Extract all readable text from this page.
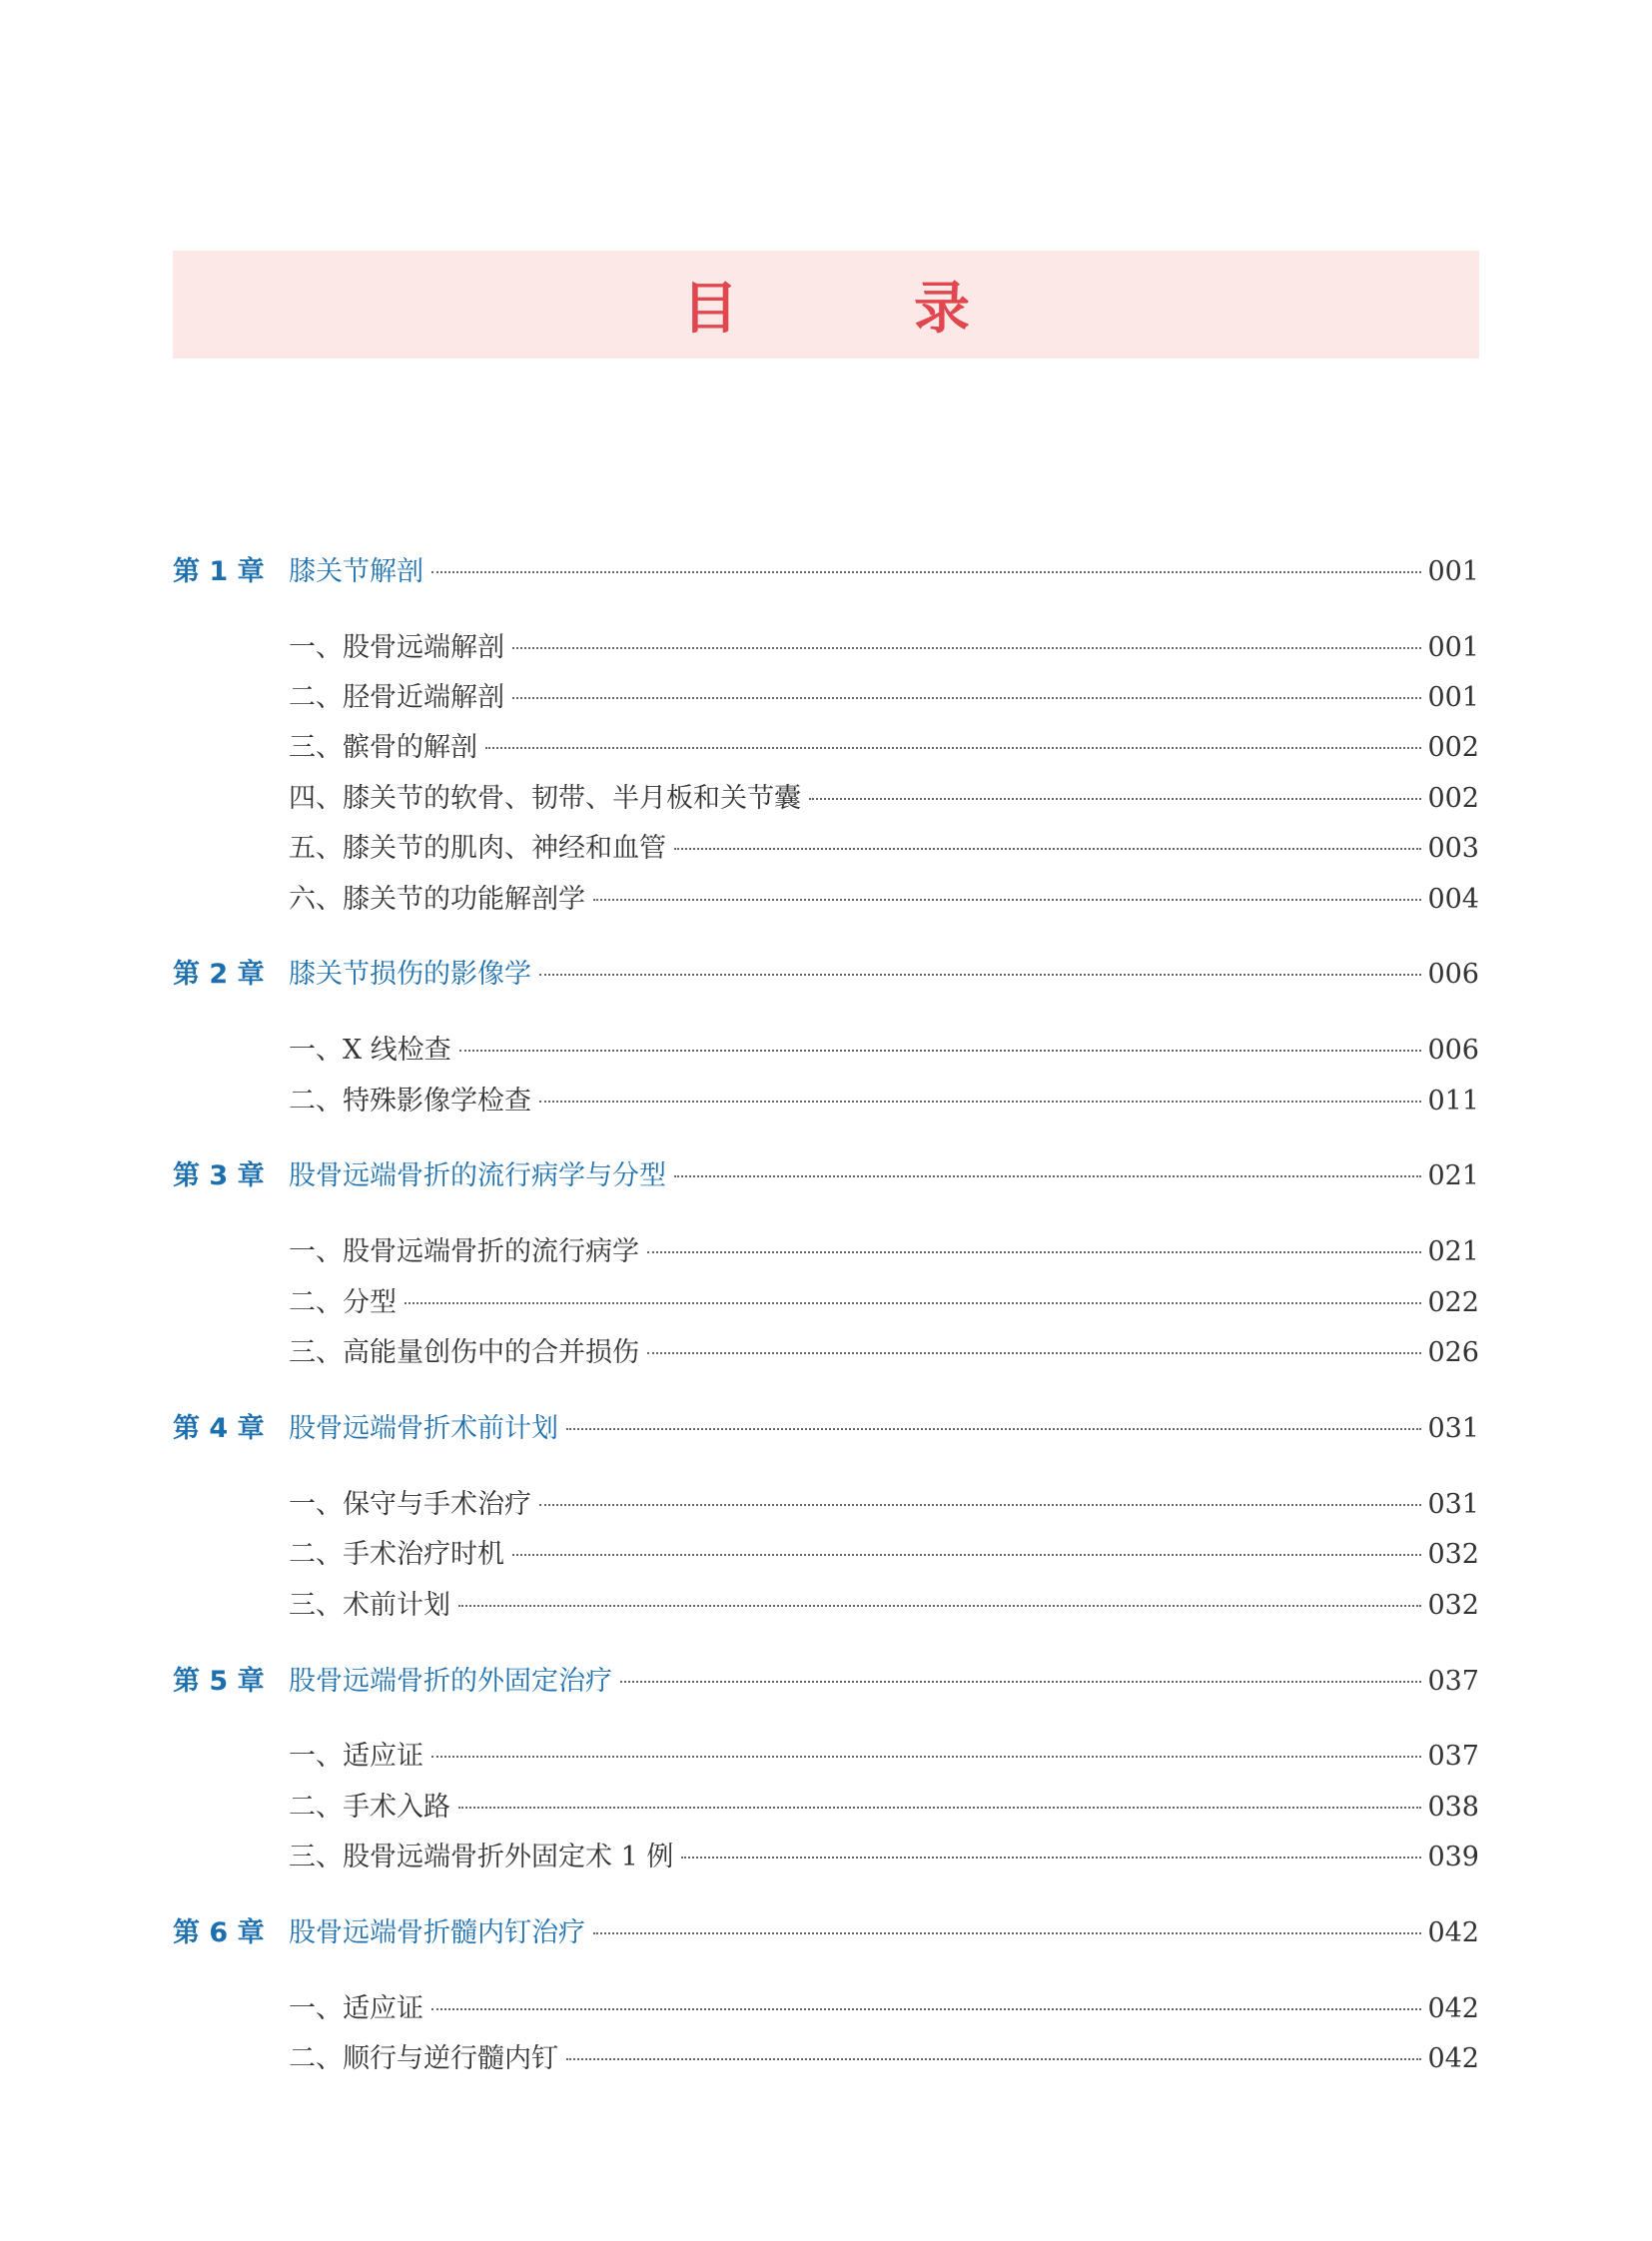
目　录
第 1 章 膝关节解剖	001
一、股骨远端解剖	001
二、胫骨近端解剖	001
三、髌骨的解剖	002
四、膝关节的软骨、韧带、半月板和关节囊	002
五、膝关节的肌肉、神经和血管	003
六、膝关节的功能解剖学	004
第 2 章 膝关节损伤的影像学	006
一、X 线检查	006
二、特殊影像学检查	011
第 3 章 股骨远端骨折的流行病学与分型	021
一、股骨远端骨折的流行病学	021
二、分型	022
三、高能量创伤中的合并损伤	026
第 4 章 股骨远端骨折术前计划	031
一、保守与手术治疗	031
二、手术治疗时机	032
三、术前计划	032
第 5 章 股骨远端骨折的外固定治疗	037
一、适应证	037
二、手术入路	038
三、股骨远端骨折外固定术 1 例	039
第 6 章 股骨远端骨折髓内钉治疗	042
一、适应证	042
二、顺行与逆行髓内钉	042
